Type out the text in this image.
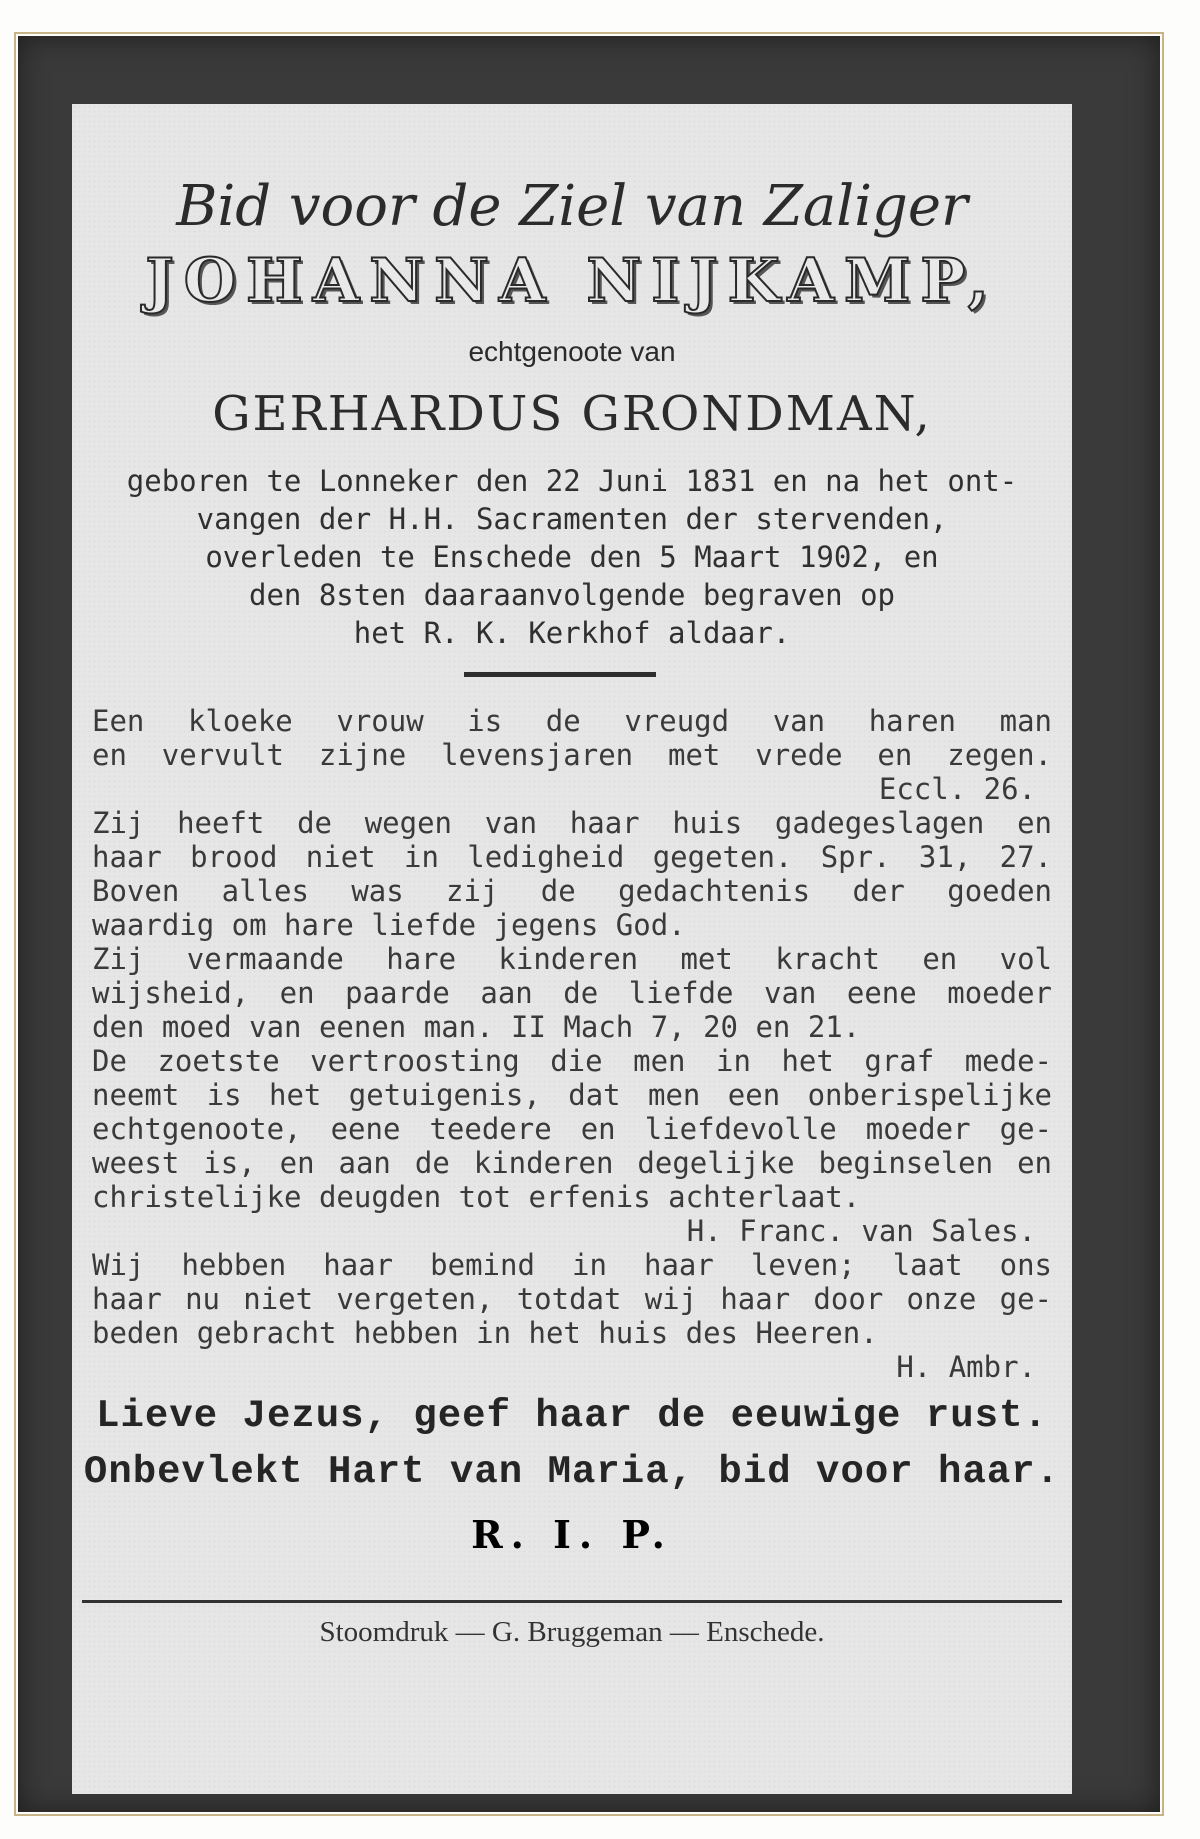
Bid voor de Ziel van Zaliger
JOHANNA NIJKAMP,
echtgenoote van
GERHARDUS GRONDMAN,
geboren te Lonneker den 22 Juni 1831 en na het ont-
vangen der H.H. Sacramenten der stervenden,
overleden te Enschede den 5 Maart 1902, en
den 8sten daaraanvolgende begraven op
het R. K. Kerkhof aldaar.
Een kloeke vrouw is de vreugd van haren man
en vervult zijne levensjaren met vrede en zegen.
Eccl. 26.
Zij heeft de wegen van haar huis gadegeslagen en
haar brood niet in ledigheid gegeten. Spr. 31, 27.
Boven alles was zij de gedachtenis der goeden
waardig om hare liefde jegens God.
Zij vermaande hare kinderen met kracht en vol
wijsheid, en paarde aan de liefde van eene moeder
den moed van eenen man. II Mach 7, 20 en 21.
De zoetste vertroosting die men in het graf mede-
neemt is het getuigenis, dat men een onberispelijke
echtgenoote, eene teedere en liefdevolle moeder ge-
weest is, en aan de kinderen degelijke beginselen en
christelijke deugden tot erfenis achterlaat.
H. Franc. van Sales.
Wij hebben haar bemind in haar leven; laat ons
haar nu niet vergeten, totdat wij haar door onze ge-
beden gebracht hebben in het huis des Heeren.
H. Ambr.
Lieve Jezus, geef haar de eeuwige rust.
Onbevlekt Hart van Maria, bid voor haar.
R. I. P.
Stoomdruk — G. Bruggeman — Enschede.
